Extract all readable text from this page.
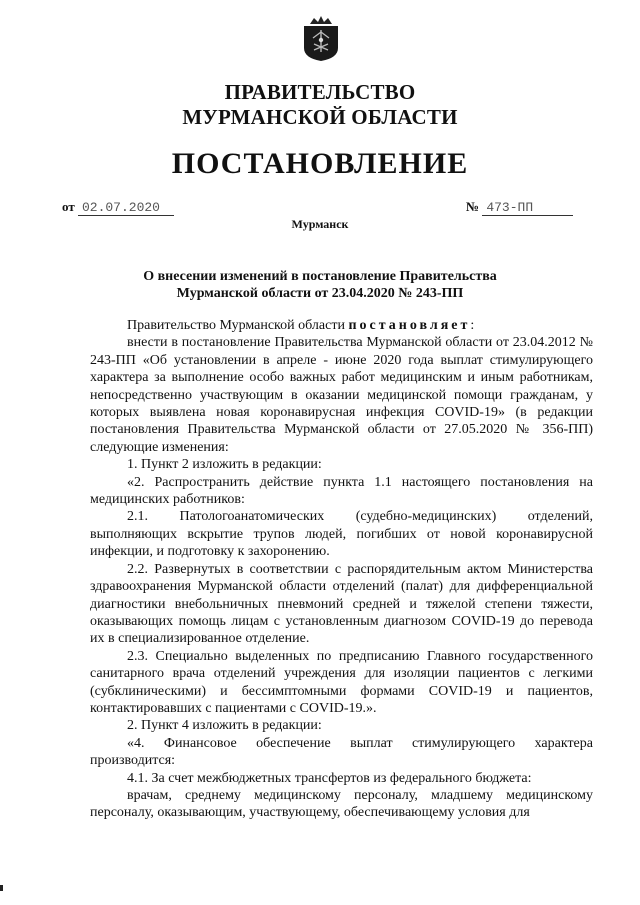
ПРАВИТЕЛЬСТВО
МУРМАНСКОЙ ОБЛАСТИ
ПОСТАНОВЛЕНИЕ
от 02.07.2020	№ 473-ПП
Мурманск
О внесении изменений в постановление Правительства
Мурманской области от 23.04.2020 № 243-ПП

Правительство Мурманской области постановляет:

внести в постановление Правительства Мурманской области от 23.04.2012 № 243-ПП «Об установлении в апреле - июне 2020 года выплат стимулирующего характера за выполнение особо важных работ медицинским и иным работникам, непосредственно участвующим в оказании медицинской помощи гражданам, у которых выявлена новая коронавирусная инфекция COVID-19» (в редакции постановления Правительства Мурманской области от 27.05.2020 № 356-ПП) следующие изменения:

1. Пункт 2 изложить в редакции:

«2. Распространить действие пункта 1.1 настоящего постановления на медицинских работников:

2.1. Патологоанатомических (судебно-медицинских) отделений, выполняющих вскрытие трупов людей, погибших от новой коронавирусной инфекции, и подготовку к захоронению.

2.2. Развернутых в соответствии с распорядительным актом Министерства здравоохранения Мурманской области отделений (палат) для дифференциальной диагностики внебольничных пневмоний средней и тяжелой степени тяжести, оказывающих помощь лицам с установленным диагнозом COVID-19 до перевода их в специализированное отделение.

2.3. Специально выделенных по предписанию Главного государственного санитарного врача отделений учреждения для изоляции пациентов с легкими (субклиническими) и бессимптомными формами COVID-19 и пациентов, контактировавших с пациентами с COVID-19.».

2. Пункт 4 изложить в редакции:

«4. Финансовое обеспечение выплат стимулирующего характера производится:

4.1. За счет межбюджетных трансфертов из федерального бюджета:

врачам, среднему медицинскому персоналу, младшему медицинскому персоналу, оказывающим, участвующему, обеспечивающему условия для
